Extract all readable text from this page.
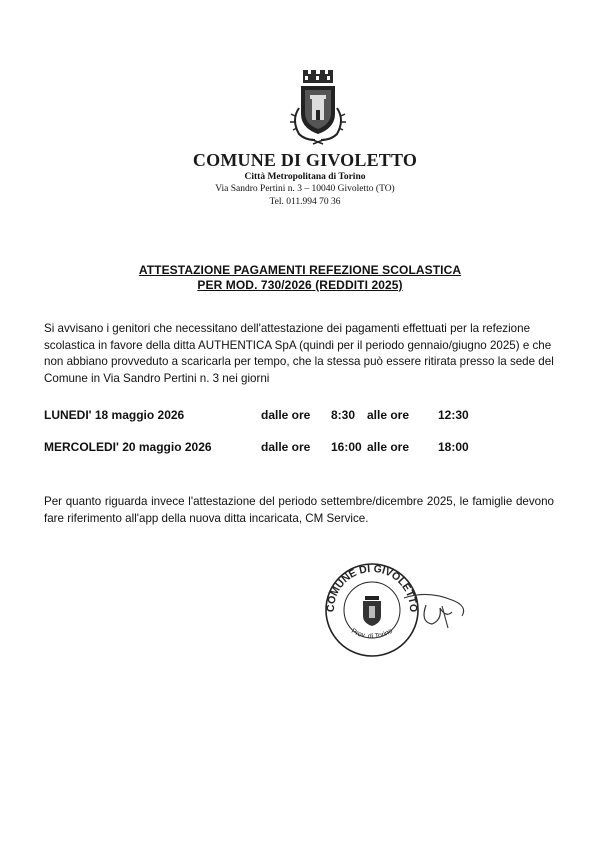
COMUNE DI GIVOLETTO
Città Metropolitana di Torino
Via Sandro Pertini n. 3 – 10040 Givoletto (TO)
Tel. 011.994 70 36
ATTESTAZIONE PAGAMENTI REFEZIONE SCOLASTICA
PER MOD. 730/2026 (REDDITI 2025)
Si avvisano i genitori che necessitano dell'attestazione dei pagamenti effettuati per la refezione scolastica in favore della ditta AUTHENTICA SpA (quindi per il periodo gennaio/giugno 2025) e che non abbiano provveduto a scaricarla per tempo, che la stessa può essere ritirata presso la sede del Comune in Via Sandro Pertini n. 3 nei giorni
LUNEDI' 18 maggio 2026	dalle ore 8:30 alle ore 12:30
MERCOLEDI' 20 maggio 2026	dalle ore 16:00 alle ore 18:00
Per quanto riguarda invece l'attestazione del periodo settembre/dicembre 2025, le famiglie devono fare riferimento all'app della nuova ditta incaricata, CM Service.
COMUNE DI GIVOLETTO
Prov. di Torino
